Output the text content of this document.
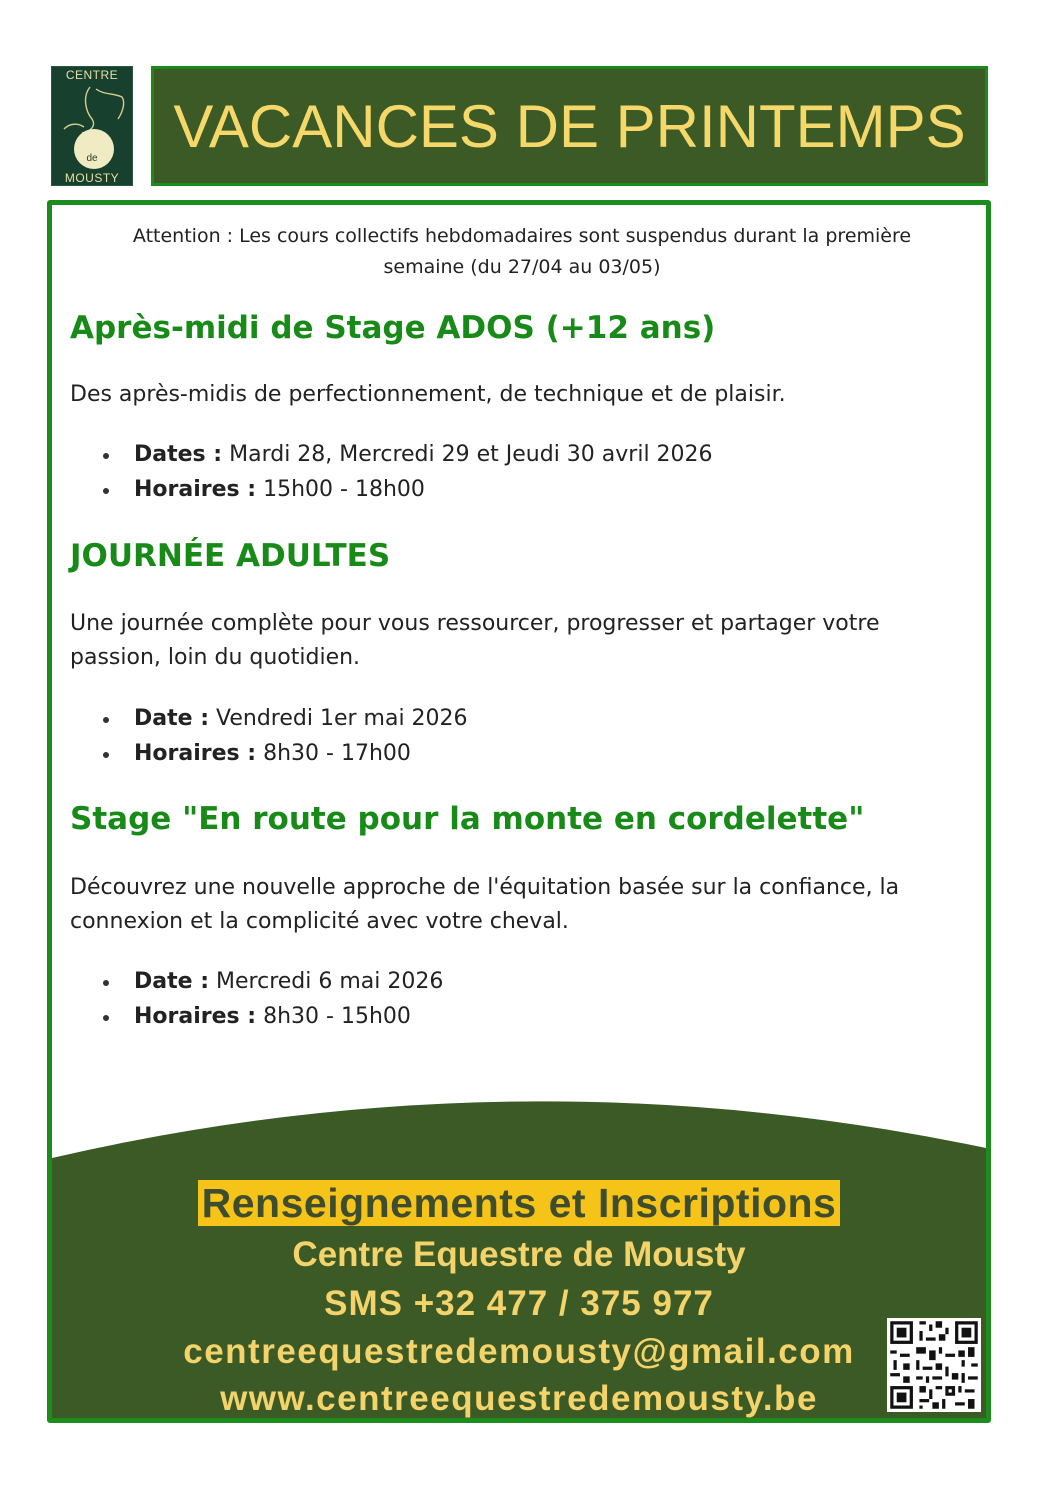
CENTRE
de
MOUSTY
VACANCES DE PRINTEMPS
Attention : Les cours collectifs hebdomadaires sont suspendus durant la première semaine (du 27/04 au 03/05)
Après-midi de Stage ADOS (+12 ans)

Des après-midis de perfectionnement, de technique et de plaisir.

Dates : Mardi 28, Mercredi 29 et Jeudi 30 avril 2026
Horaires : 15h00 - 18h00
JOURNÉE ADULTES

Une journée complète pour vous ressourcer, progresser et partager votre passion, loin du quotidien.

Date : Vendredi 1er mai 2026
Horaires : 8h30 - 17h00
Stage "En route pour la monte en cordelette"

Découvrez une nouvelle approche de l'équitation basée sur la confiance, la connexion et la complicité avec votre cheval.

Date : Mercredi 6 mai 2026
Horaires : 8h30 - 15h00
Renseignements et Inscriptions
Centre Equestre de Mousty
SMS +32 477 / 375 977
centreequestredemousty@gmail.com
www.centreequestredemousty.be
